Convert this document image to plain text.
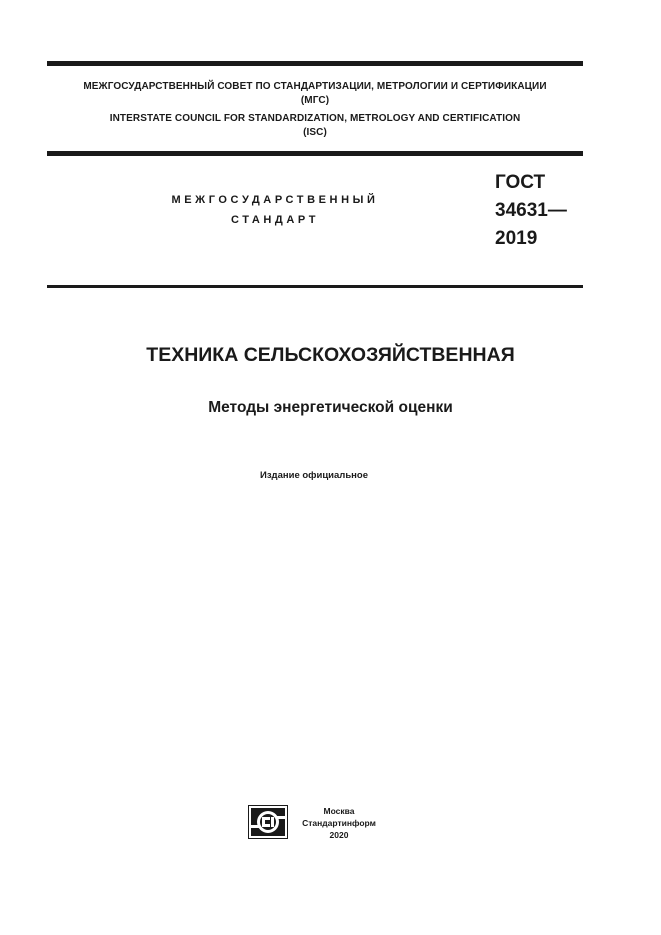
МЕЖГОСУДАРСТВЕННЫЙ СОВЕТ ПО СТАНДАРТИЗАЦИИ, МЕТРОЛОГИИ И СЕРТИФИКАЦИИ
(МГС)
INTERSTATE COUNCIL FOR STANDARDIZATION, METROLOGY AND CERTIFICATION
(ISC)
МЕЖГОСУДАРСТВЕННЫЙ
СТАНДАРТ
ГОСТ
34631—
2019
ТЕХНИКА СЕЛЬСКОХОЗЯЙСТВЕННАЯ
Методы энергетической оценки
Издание официальное
Москва
Стандартинформ
2020
